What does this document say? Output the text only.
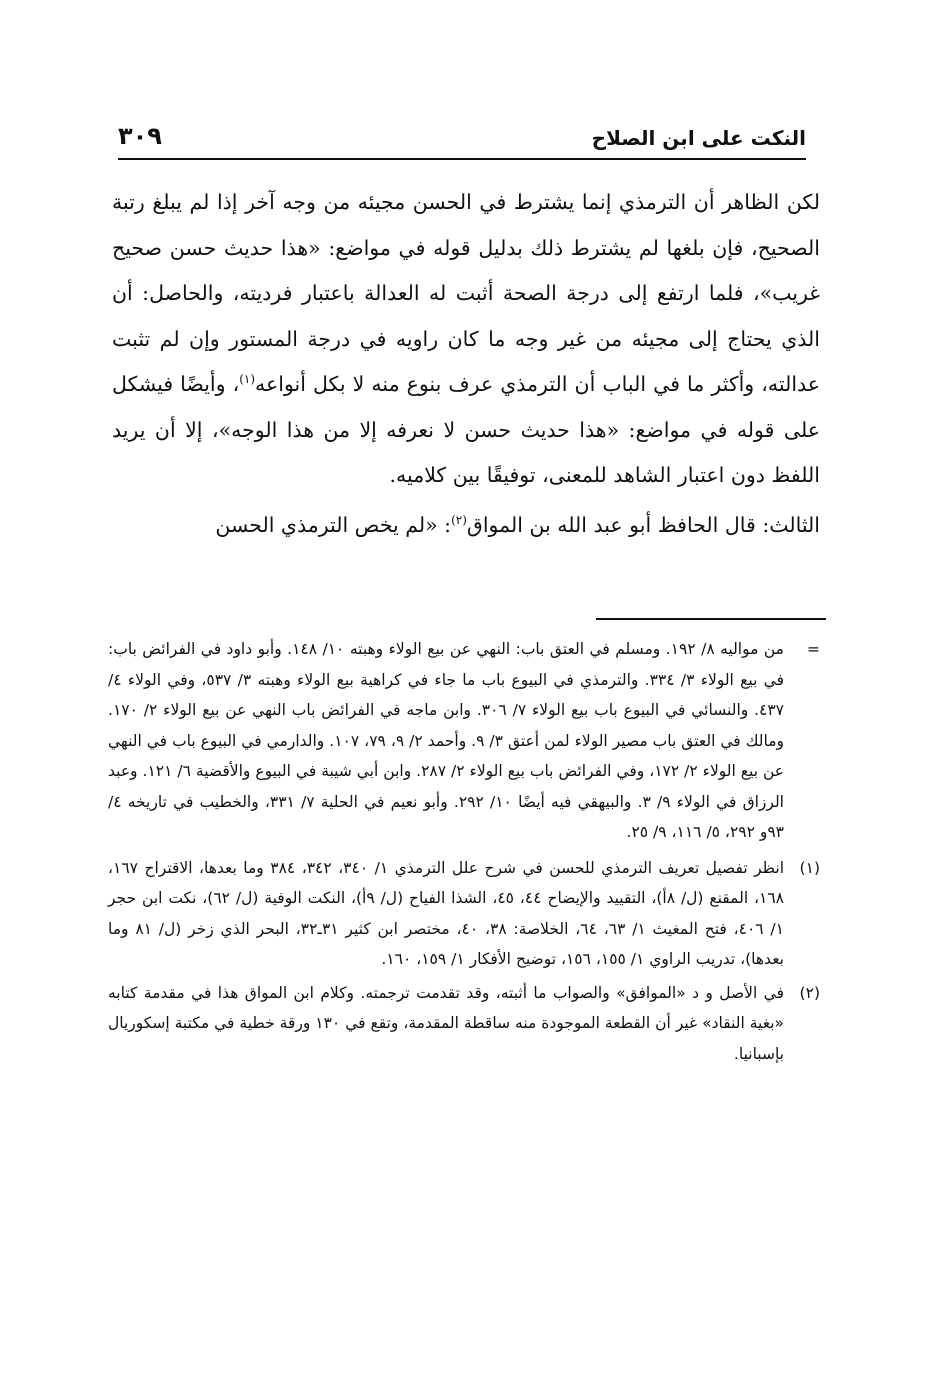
النكت على ابن الصلاح
٣٠٩

لكن الظاهر أن الترمذي إنما يشترط في الحسن مجيئه من وجه آخر إذا لم يبلغ رتبة الصحيح، فإن بلغها لم يشترط ذلك بدليل قوله في مواضع: «هذا حديث حسن صحيح غريب»، فلما ارتفع إلى درجة الصحة أثبت له العدالة باعتبار فرديته، والحاصل: أن الذي يحتاج إلى مجيئه من غير وجه ما كان راويه في درجة المستور وإن لم تثبت عدالته، وأكثر ما في الباب أن الترمذي عرف بنوع منه لا بكل أنواعه$^{(١)}$، وأيضًا فيشكل على قوله في مواضع: «هذا حديث حسن لا نعرفه إلا من هذا الوجه»، إلا أن يريد اللفظ دون اعتبار الشاهد للمعنى، توفيقًا بين كلاميه.

الثالث: قال الحافظ أبو عبد الله بن المواق$^{(٢)}$: «لم يخص الترمذي الحسن

=

من مواليه ٨/ ١٩٢. ومسلم في العتق باب: النهي عن بيع الولاء وهبته ١٠/ ١٤٨. وأبو داود في الفرائض باب: في بيع الولاء ٣/ ٣٣٤. والترمذي في البيوع باب ما جاء في كراهية بيع الولاء وهبته ٣/ ٥٣٧، وفي الولاء ٤/ ٤٣٧. والنسائي في البيوع باب بيع الولاء ٧/ ٣٠٦. وابن ماجه في الفرائض باب النهي عن بيع الولاء ٢/ ١٧٠. ومالك في العتق باب مصير الولاء لمن أعتق ٣/ ٩. وأحمد ٢/ ٩، ٧٩، ١٠٧. والدارمي في البيوع باب في النهي عن بيع الولاء ٢/ ١٧٢، وفي الفرائض باب بيع الولاء ٢/ ٢٨٧. وابن أبي شيبة في البيوع والأقضية ٦/ ١٢١. وعبد الرزاق في الولاء ٩/ ٣. والبيهقي فيه أيضًا ١٠/ ٢٩٢. وأبو نعيم في الحلية ٧/ ٣٣١، والخطيب في تاريخه ٤/ ٩٣و ٢٩٢، ٥/ ١١٦، ٩/ ٢٥.

(١)

انظر تفصيل تعريف الترمذي للحسن في شرح علل الترمذي ١/ ٣٤٠، ٣٤٢، ٣٨٤ وما بعدها، الاقتراح ١٦٧، ١٦٨، المقنع (ل/ ٨أ)، التقييد والإيضاح ٤٤، ٤٥، الشذا الفياح (ل/ ٩أ)، النكت الوفية (ل/ ٦٢)، نكت ابن حجر ١/ ٤٠٦، فتح المغيث ١/ ٦٣، ٦٤، الخلاصة: ٣٨، ٤٠، مختصر ابن كثير ٣١ـ٣٢، البحر الذي زخر (ل/ ٨١ وما بعدها)، تدريب الراوي ١/ ١٥٥، ١٥٦، توضيح الأفكار ١/ ١٥٩، ١٦٠.

(٢)

في الأصل و د «الموافق» والصواب ما أثبته، وقد تقدمت ترجمته. وكلام ابن المواق هذا في مقدمة كتابه «بغية النقاد» غير أن القطعة الموجودة منه ساقطة المقدمة، وتقع في ١٣٠ ورقة خطية في مكتبة إسكوريال بإسبانيا.
